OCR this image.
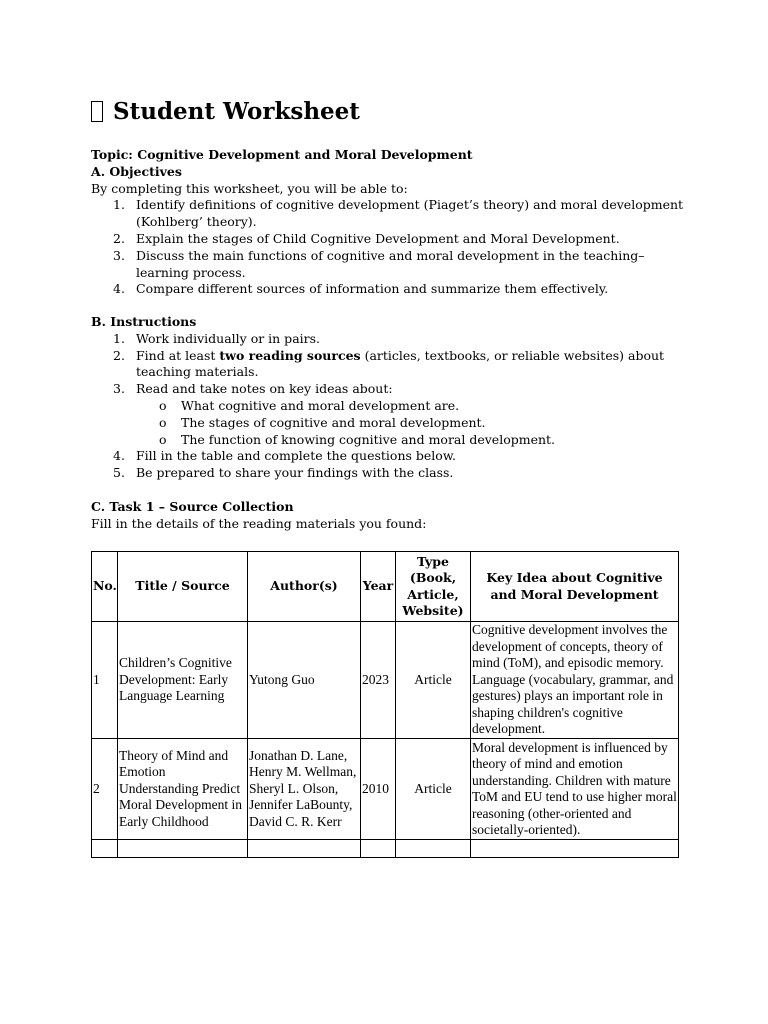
Student Worksheet
Topic: Cognitive Development and Moral Development
A. Objectives
By completing this worksheet, you will be able to:
1. Identify definitions of cognitive development (Piaget’s theory) and moral development (Kohlberg’ theory).
2. Explain the stages of Child Cognitive Development and Moral Development.
3. Discuss the main functions of cognitive and moral development in the teaching–learning process.
4. Compare different sources of information and summarize them effectively.
B. Instructions
1. Work individually or in pairs.
2. Find at least two reading sources (articles, textbooks, or reliable websites) about teaching materials.
3. Read and take notes on key ideas about:
o What cognitive and moral development are.
o The stages of cognitive and moral development.
o The function of knowing cognitive and moral development.
4. Fill in the table and complete the questions below.
5. Be prepared to share your findings with the class.
C. Task 1 – Source Collection
Fill in the details of the reading materials you found:
No.	Title / Source	Author(s)	Year	Type (Book, Article, Website)	Key Idea about Cognitive and Moral Development
1	Children’s Cognitive Development: Early Language Learning	Yutong Guo	2023	Article	Cognitive development involves the development of concepts, theory of mind (ToM), and episodic memory. Language (vocabulary, grammar, and gestures) plays an important role in shaping children's cognitive development.
2	Theory of Mind and Emotion Understanding Predict Moral Development in Early Childhood	Jonathan D. Lane, Henry M. Wellman, Sheryl L. Olson, Jennifer LaBounty, David C. R. Kerr	2010	Article	Moral development is influenced by theory of mind and emotion understanding. Children with mature ToM and EU tend to use higher moral reasoning (other-oriented and societally-oriented).
